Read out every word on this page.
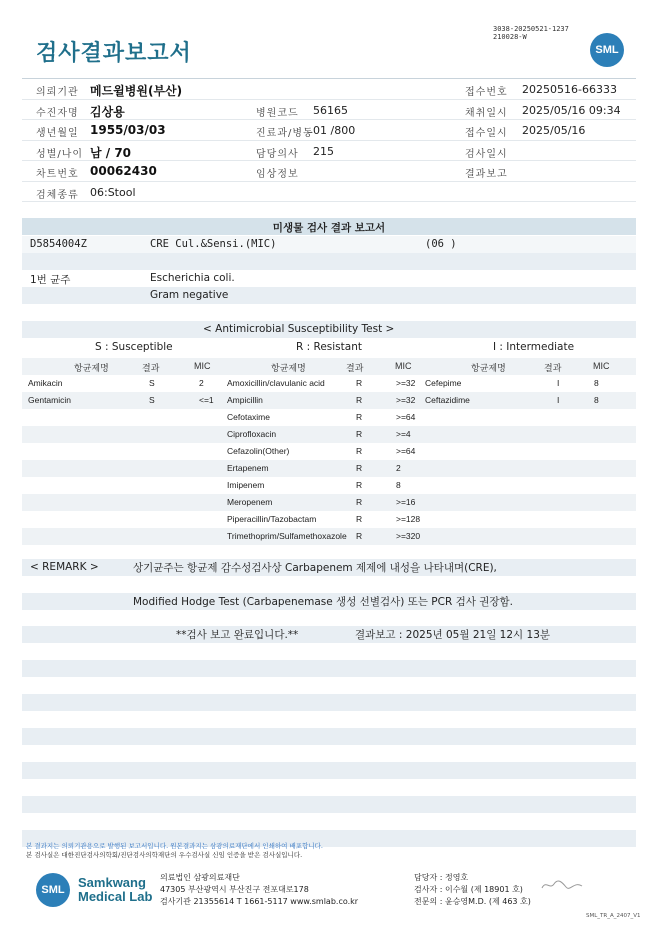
검사결과보고서
3038-20250521-1237
210028-W
SML
의뢰기관 메드윌병원(부산)	접수번호 20250516-66333
수진자명 김상용	병원코드 56165	채취일시 2025/05/16 09:34
생년월일 1955/03/03	진료과/병동 01 /800	접수일시 2025/05/16
성별/나이 남 / 70	담당의사 215	검사일시
차트번호 00062430	임상정보	결과보고
검체종류 06:Stool
미생물 검사 결과 보고서
D5854004Z	CRE Cul.&Sensi.(MIC)	(06 )
1번 균주	Escherichia coli.
Gram negative
< Antimicrobial Susceptibility Test >
S : Susceptible	R : Resistant	I : Intermediate
항균제명	결과	MIC	항균제명	결과	MIC	항균제명	결과	MIC
Amikacin	S	2	Amoxicillin/clavulanic acid	R	>=32 Cefepime	I	8
Gentamicin	S	<=1 Ampicillin	R	>=32 Ceftazidime	I	8
Cefotaxime	R	>=64
Ciprofloxacin	R	>=4
Cefazolin(Other)	R	>=64
Ertapenem	R	2
Imipenem	R	8
Meropenem	R	>=16
Piperacillin/Tazobactam	R	>=128
Trimethoprim/Sulfamethoxazole R	>=320
< REMARK >	상기균주는 항균제 감수성검사상 Carbapenem 제제에 내성을 나타내며(CRE),
Modified Hodge Test (Carbapenemase 생성 선별검사) 또는 PCR 검사 권장함.
**검사 보고 완료입니다.**	결과보고 : 2025년 05월 21일 12시 13분
본 결과지는 의뢰기관용으로 발행된 보고서입니다. 원본결과지는 삼광의료재단에서 인쇄하여 배포합니다.
본 검사실은 대한진단검사의학회/진단검사의학재단의 우수검사실 신임 인증을 받은 검사실입니다.
SML	Samkwang
Medical Lab
의료법인 삼광의료재단
47305 부산광역시 부산진구 전포대로178
검사기관 21355614 T 1661-5117 www.smlab.co.kr
담당자 : 정영호
검사자 : 이수월 (제 18901 호)
전문의 : 윤승영M.D. (제 463 호)
SML_TR_A_2407_V1
